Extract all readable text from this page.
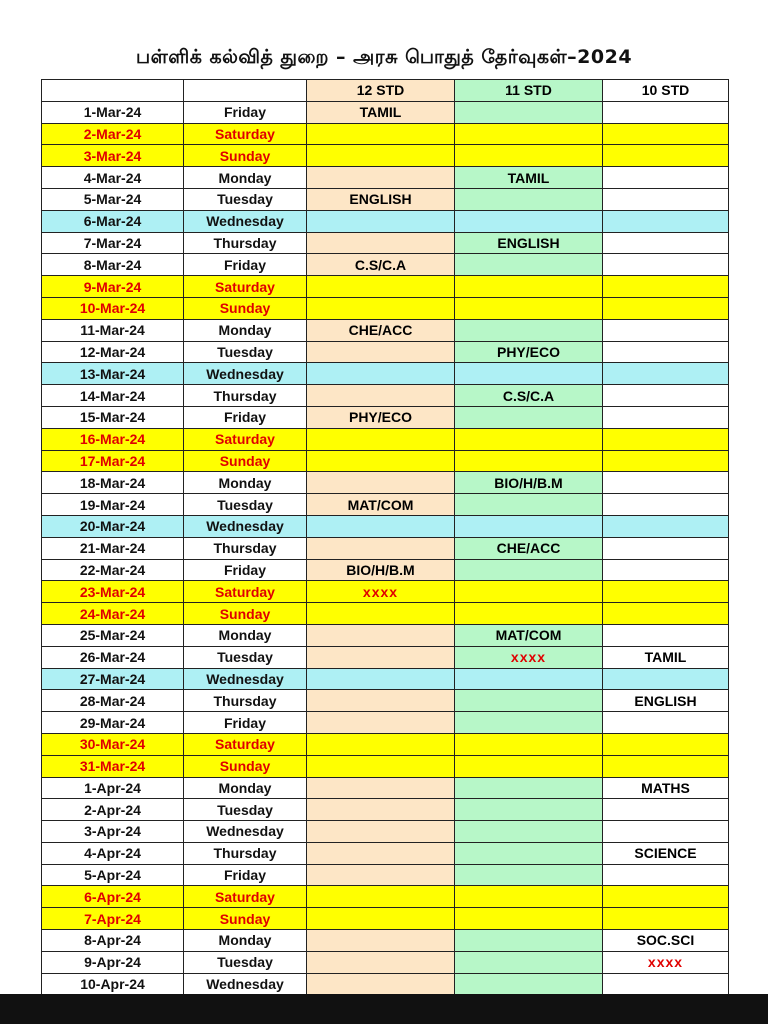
பள்ளிக் கல்வித் துறை – அரசு பொதுத் தேர்வுகள்–2024
		12 STD	11 STD	10 STD
1-Mar-24	Friday	TAMIL		
2-Mar-24	Saturday			
3-Mar-24	Sunday			
4-Mar-24	Monday		TAMIL	
5-Mar-24	Tuesday	ENGLISH		
6-Mar-24	Wednesday			
7-Mar-24	Thursday		ENGLISH	
8-Mar-24	Friday	C.S/C.A		
9-Mar-24	Saturday			
10-Mar-24	Sunday			
11-Mar-24	Monday	CHE/ACC		
12-Mar-24	Tuesday		PHY/ECO	
13-Mar-24	Wednesday			
14-Mar-24	Thursday		C.S/C.A	
15-Mar-24	Friday	PHY/ECO		
16-Mar-24	Saturday			
17-Mar-24	Sunday			
18-Mar-24	Monday		BIO/H/B.M	
19-Mar-24	Tuesday	MAT/COM		
20-Mar-24	Wednesday			
21-Mar-24	Thursday		CHE/ACC	
22-Mar-24	Friday	BIO/H/B.M		
23-Mar-24	Saturday	xxxx		
24-Mar-24	Sunday			
25-Mar-24	Monday		MAT/COM	
26-Mar-24	Tuesday		xxxx	TAMIL
27-Mar-24	Wednesday			
28-Mar-24	Thursday			ENGLISH
29-Mar-24	Friday			
30-Mar-24	Saturday			
31-Mar-24	Sunday			
1-Apr-24	Monday			MATHS
2-Apr-24	Tuesday			
3-Apr-24	Wednesday			
4-Apr-24	Thursday			SCIENCE
5-Apr-24	Friday			
6-Apr-24	Saturday			
7-Apr-24	Sunday			
8-Apr-24	Monday			SOC.SCI
9-Apr-24	Tuesday			xxxx
10-Apr-24	Wednesday			
